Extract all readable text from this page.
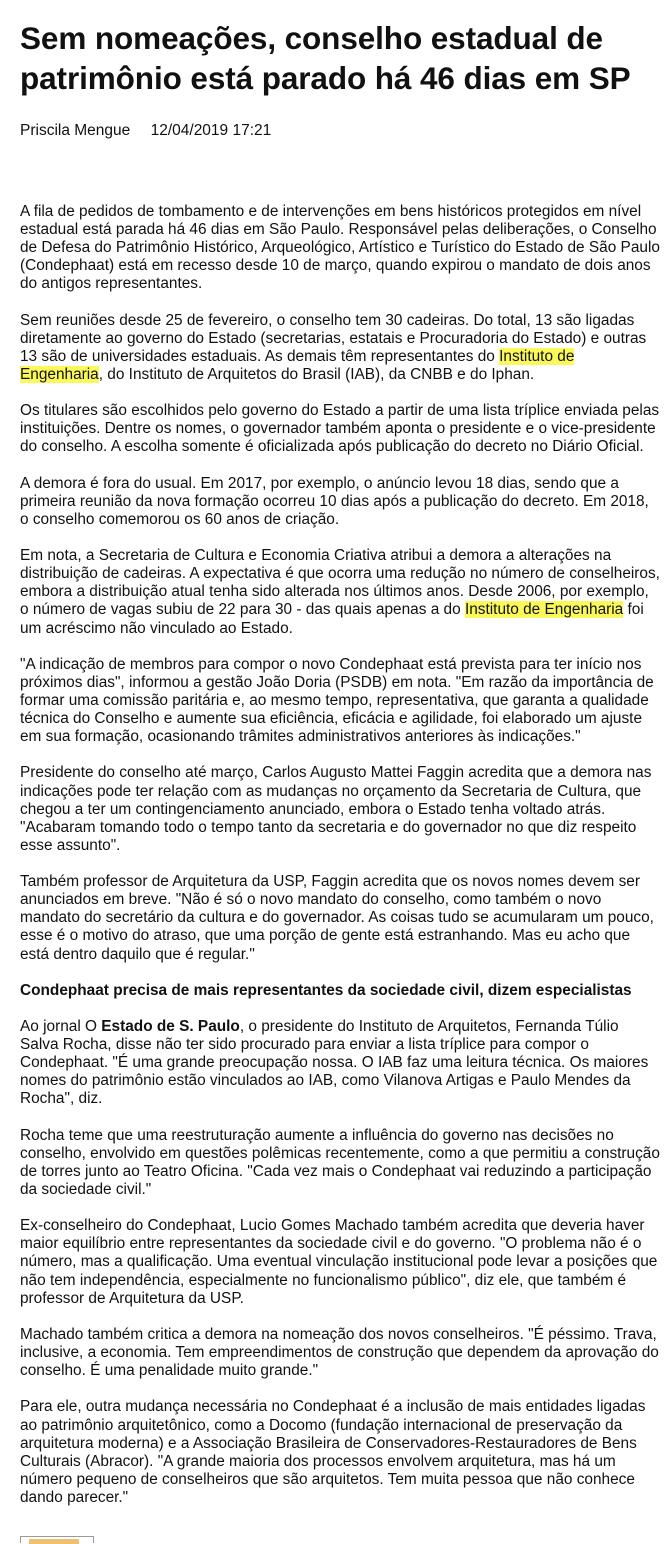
Sem nomeações, conselho estadual de patrimônio está parado há 46 dias em SP
Priscila Mengue 12/04/2019 17:21

A fila de pedidos de tombamento e de intervenções em bens históricos protegidos em nível estadual está parada há 46 dias em São Paulo. Responsável pelas deliberações, o Conselho de Defesa do Patrimônio Histórico, Arqueológico, Artístico e Turístico do Estado de São Paulo (Condephaat) está em recesso desde 10 de março, quando expirou o mandato de dois anos do antigos representantes.

Sem reuniões desde 25 de fevereiro, o conselho tem 30 cadeiras. Do total, 13 são ligadas diretamente ao governo do Estado (secretarias, estatais e Procuradoria do Estado) e outras 13 são de universidades estaduais. As demais têm representantes do Instituto de Engenharia, do Instituto de Arquitetos do Brasil (IAB), da CNBB e do Iphan.

Os titulares são escolhidos pelo governo do Estado a partir de uma lista tríplice enviada pelas instituições. Dentre os nomes, o governador também aponta o presidente e o vice-presidente do conselho. A escolha somente é oficializada após publicação do decreto no Diário Oficial.

A demora é fora do usual. Em 2017, por exemplo, o anúncio levou 18 dias, sendo que a primeira reunião da nova formação ocorreu 10 dias após a publicação do decreto. Em 2018, o conselho comemorou os 60 anos de criação.

Em nota, a Secretaria de Cultura e Economia Criativa atribui a demora a alterações na distribuição de cadeiras. A expectativa é que ocorra uma redução no número de conselheiros, embora a distribuição atual tenha sido alterada nos últimos anos. Desde 2006, por exemplo, o número de vagas subiu de 22 para 30 - das quais apenas a do Instituto de Engenharia foi um acréscimo não vinculado ao Estado.

"A indicação de membros para compor o novo Condephaat está prevista para ter início nos próximos dias", informou a gestão João Doria (PSDB) em nota. "Em razão da importância de formar uma comissão paritária e, ao mesmo tempo, representativa, que garanta a qualidade técnica do Conselho e aumente sua eficiência, eficácia e agilidade, foi elaborado um ajuste em sua formação, ocasionando trâmites administrativos anteriores às indicações."

Presidente do conselho até março, Carlos Augusto Mattei Faggin acredita que a demora nas indicações pode ter relação com as mudanças no orçamento da Secretaria de Cultura, que chegou a ter um contingenciamento anunciado, embora o Estado tenha voltado atrás. "Acabaram tomando todo o tempo tanto da secretaria e do governador no que diz respeito esse assunto".

Também professor de Arquitetura da USP, Faggin acredita que os novos nomes devem ser anunciados em breve. "Não é só o novo mandato do conselho, como também o novo mandato do secretário da cultura e do governador. As coisas tudo se acumularam um pouco, esse é o motivo do atraso, que uma porção de gente está estranhando. Mas eu acho que está dentro daquilo que é regular."

Condephaat precisa de mais representantes da sociedade civil, dizem especialistas

Ao jornal O Estado de S. Paulo, o presidente do Instituto de Arquitetos, Fernanda Túlio Salva Rocha, disse não ter sido procurado para enviar a lista tríplice para compor o Condephaat. "É uma grande preocupação nossa. O IAB faz uma leitura técnica. Os maiores nomes do patrimônio estão vinculados ao IAB, como Vilanova Artigas e Paulo Mendes da Rocha", diz.

Rocha teme que uma reestruturação aumente a influência do governo nas decisões no conselho, envolvido em questões polêmicas recentemente, como a que permitiu a construção de torres junto ao Teatro Oficina. "Cada vez mais o Condephaat vai reduzindo a participação da sociedade civil."

Ex-conselheiro do Condephaat, Lucio Gomes Machado também acredita que deveria haver maior equilíbrio entre representantes da sociedade civil e do governo. "O problema não é o número, mas a qualificação. Uma eventual vinculação institucional pode levar a posições que não tem independência, especialmente no funcionalismo público", diz ele, que também é professor de Arquitetura da USP.

Machado também critica a demora na nomeação dos novos conselheiros. "É péssimo. Trava, inclusive, a economia. Tem empreendimentos de construção que dependem da aprovação do conselho. É uma penalidade muito grande."

Para ele, outra mudança necessária no Condephaat é a inclusão de mais entidades ligadas ao patrimônio arquitetônico, como a Docomo (fundação internacional de preservação da arquitetura moderna) e a Associação Brasileira de Conservadores-Restauradores de Bens Culturais (Abracor). "A grande maioria dos processos envolvem arquitetura, mas há um número pequeno de conselheiros que são arquitetos. Tem muita pessoa que não conhece dando parecer."
